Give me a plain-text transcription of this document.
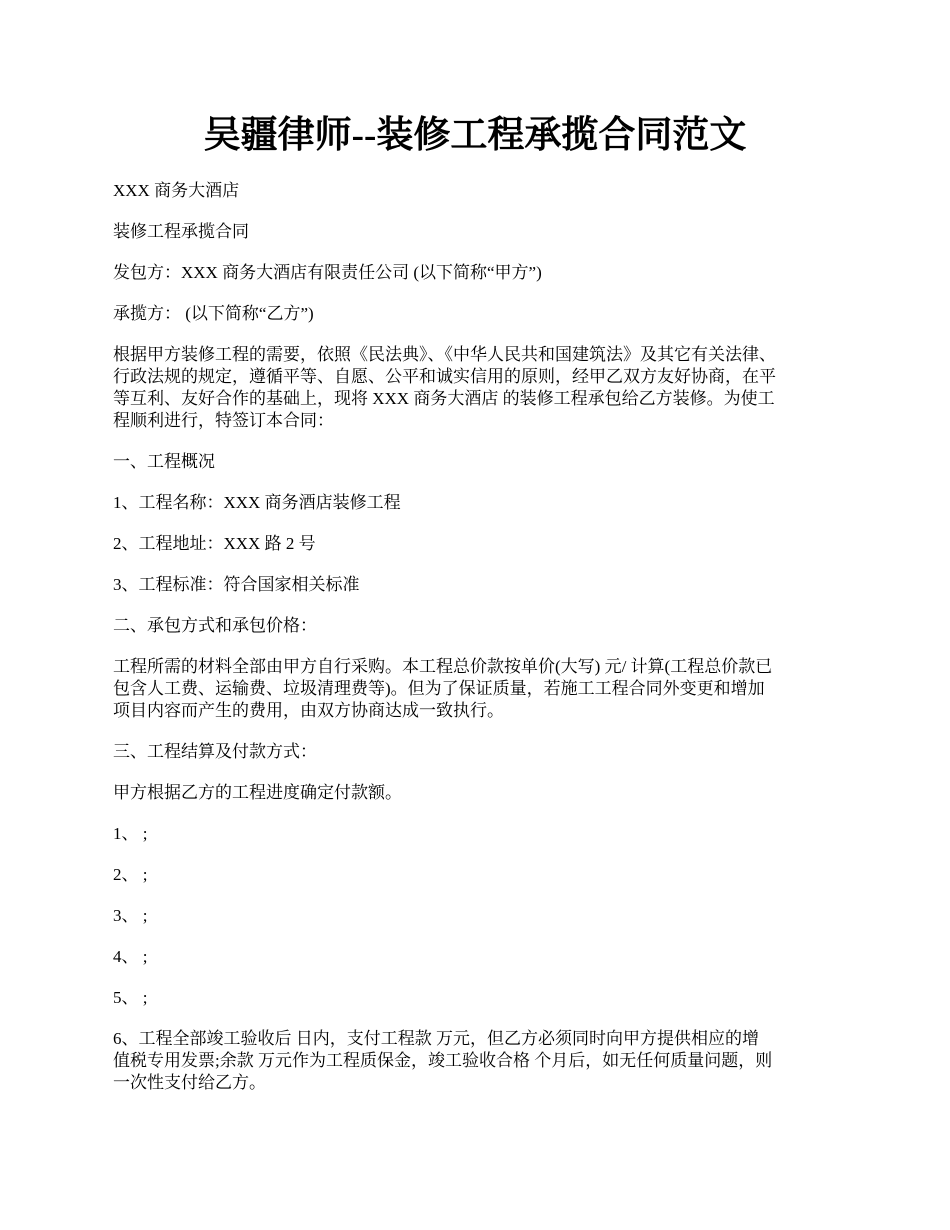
吴疆律师--装修工程承揽合同范文

XXX 商务大酒店

装修工程承揽合同

发包方：XXX 商务大酒店有限责任公司 (以下简称“甲方”)

承揽方： (以下简称“乙方”)

根据甲方装修工程的需要，依照《民法典》、《中华人民共和国建筑法》及其它有关法律、
行政法规的规定，遵循平等、自愿、公平和诚实信用的原则，经甲乙双方友好协商，在平
等互利、友好合作的基础上，现将 XXX 商务大酒店 的装修工程承包给乙方装修。为使工
程顺利进行，特签订本合同：

一、工程概况

1、工程名称：XXX 商务酒店装修工程

2、工程地址：XXX 路 2 号

3、工程标准：符合国家相关标准

二、承包方式和承包价格：

工程所需的材料全部由甲方自行采购。本工程总价款按单价(大写) 元/ 计算(工程总价款已
包含人工费、运输费、垃圾清理费等)。但为了保证质量，若施工工程合同外变更和增加
项目内容而产生的费用，由双方协商达成一致执行。

三、工程结算及付款方式：

甲方根据乙方的工程进度确定付款额。

1、 ;

2、 ;

3、 ;

4、 ;

5、 ;

6、工程全部竣工验收后 日内，支付工程款 万元，但乙方必须同时向甲方提供相应的增
值税专用发票;余款 万元作为工程质保金，竣工验收合格 个月后，如无任何质量问题，则
一次性支付给乙方。
